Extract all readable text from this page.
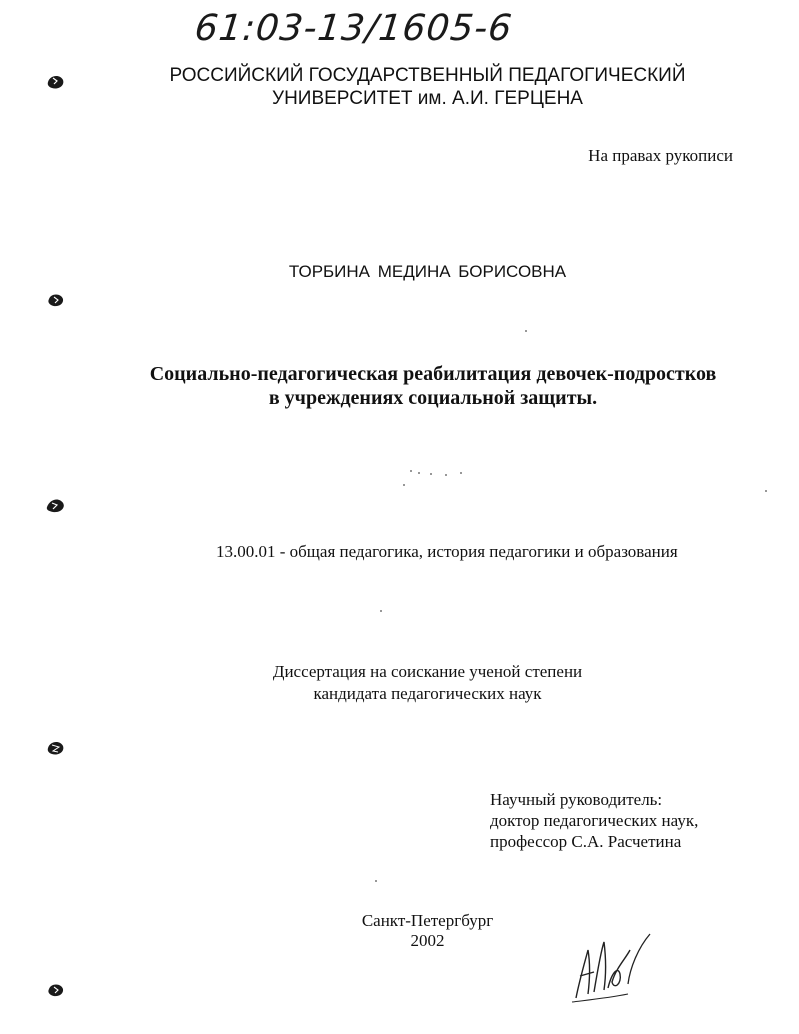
61:03-13/1605-6
РОССИЙСКИЙ ГОСУДАРСТВЕННЫЙ ПЕДАГОГИЧЕСКИЙ
УНИВЕРСИТЕТ им. А.И. ГЕРЦЕНА
На правах рукописи
ТОРБИНА МЕДИНА БОРИСОВНА
Социально-педагогическая реабилитация девочек-подростков
в учреждениях социальной защиты.
13.00.01 - общая педагогика, история педагогики и образования
Диссертация на соискание ученой степени
кандидата педагогических наук
Научный руководитель:
доктор педагогических наук,
профессор С.А. Расчетина
Санкт-Петергбург
2002
